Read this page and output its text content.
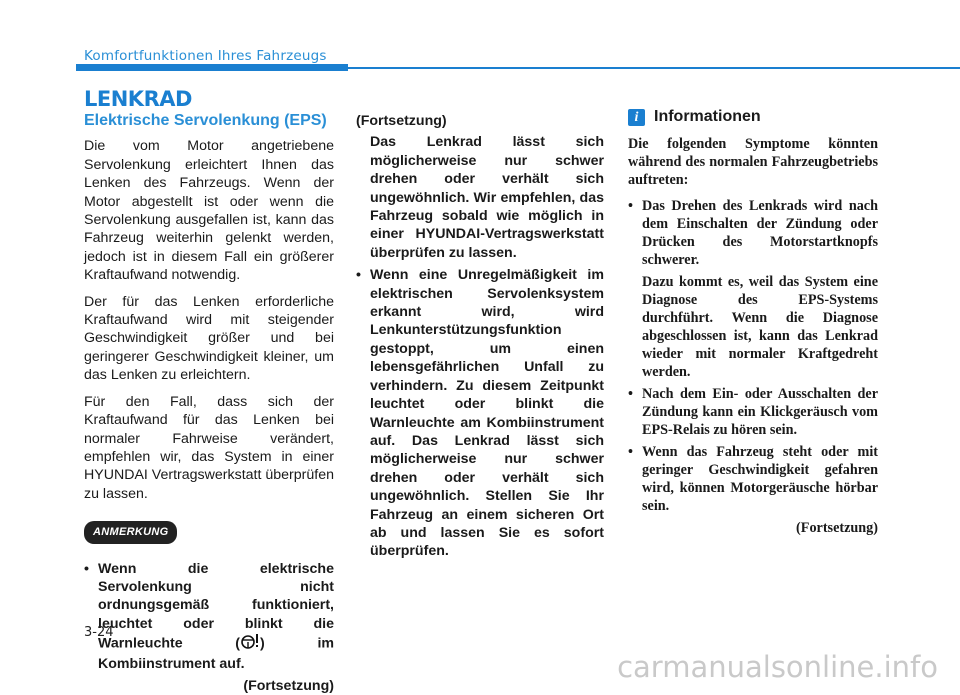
Komfortfunktionen Ihres Fahrzeugs
LENKRAD
Elektrische Servolenkung (EPS)

Die vom Motor angetriebene Servolenkung erleichtert Ihnen das Lenken des Fahrzeugs. Wenn der Motor abgestellt ist oder wenn die Servolenkung ausgefallen ist, kann das Fahrzeug weiterhin gelenkt werden, jedoch ist in diesem Fall ein größerer Kraftaufwand notwendig.

Der für das Lenken erforderliche Kraftaufwand wird mit steigender Geschwindigkeit größer und bei geringerer Geschwindigkeit kleiner, um das Lenken zu erleichtern.

Für den Fall, dass sich der Kraftaufwand für das Lenken bei normaler Fahrweise verändert, empfehlen wir, das System in einer HYUNDAI Vertragswerkstatt überprüfen zu lassen.

ANMERKUNG
• Wenn die elektrische Servolenkung nicht ordnungsgemäß funktioniert, leuchtet oder blinkt die Warnleuchte ( ) im Kombiinstrument auf.
(Fortsetzung)
(Fortsetzung)
Das Lenkrad lässt sich möglicherweise nur schwer drehen oder verhält sich ungewöhnlich. Wir empfehlen, das Fahrzeug sobald wie möglich in einer HYUNDAI-Vertragswerkstatt überprüfen zu lassen.
• Wenn eine Unregelmäßigkeit im elektrischen Servolenksystem erkannt wird, wird Lenkunterstützungsfunktion gestoppt, um einen lebensgefährlichen Unfall zu verhindern. Zu diesem Zeitpunkt leuchtet oder blinkt die Warnleuchte am Kombiinstrument auf. Das Lenkrad lässt sich möglicherweise nur schwer drehen oder verhält sich ungewöhnlich. Stellen Sie Ihr Fahrzeug an einem sicheren Ort ab und lassen Sie es sofort überprüfen.
i Informationen

Die folgenden Symptome könnten während des normalen Fahrzeugbetriebs auftreten:

• Das Drehen des Lenkrads wird nach dem Einschalten der Zündung oder Drücken des Motorstartknopfs schwerer.
Dazu kommt es, weil das System eine Diagnose des EPS-Systems durchführt. Wenn die Diagnose abgeschlossen ist, kann das Lenkrad wieder mit normaler Kraftgedreht werden.
• Nach dem Ein- oder Ausschalten der Zündung kann ein Klickgeräusch vom EPS-Relais zu hören sein.
• Wenn das Fahrzeug steht oder mit geringer Geschwindigkeit gefahren wird, können Motorgeräusche hörbar sein.
(Fortsetzung)
3-24
carmanualsonline.info
